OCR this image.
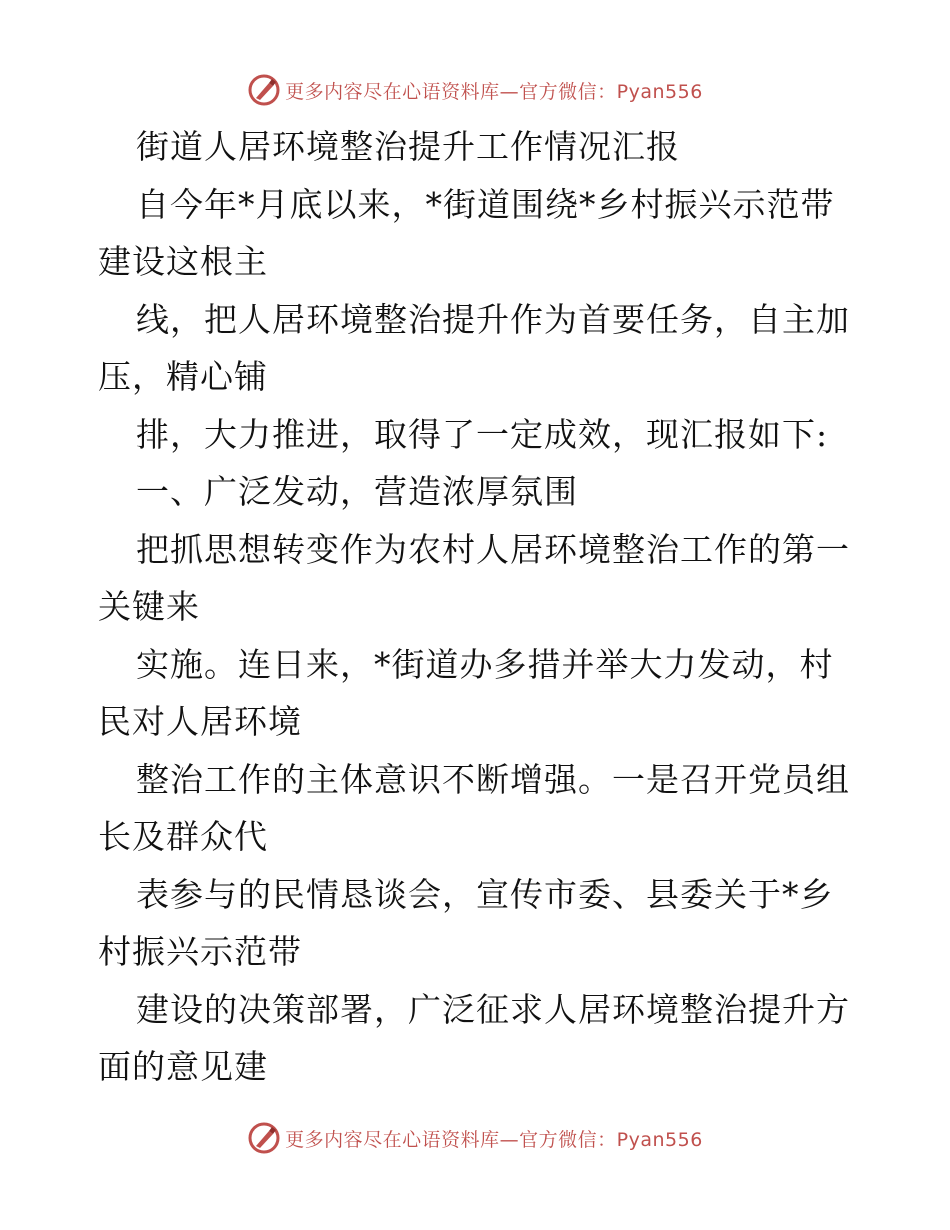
更多内容尽在心语资料库—官方微信：Pyan556
街道人居环境整治提升工作情况汇报
自今年*月底以来，*街道围绕*乡村振兴示范带
建设这根主
线，把人居环境整治提升作为首要任务，自主加
压，精心铺
排，大力推进，取得了一定成效，现汇报如下:
一、广泛发动，营造浓厚氛围
把抓思想转变作为农村人居环境整治工作的第一
关键来
实施。连日来，*街道办多措并举大力发动，村
民对人居环境
整治工作的主体意识不断增强。一是召开党员组
长及群众代
表参与的民情恳谈会，宣传市委、县委关于*乡
村振兴示范带
建设的决策部署，广泛征求人居环境整治提升方
面的意见建
更多内容尽在心语资料库—官方微信：Pyan556
